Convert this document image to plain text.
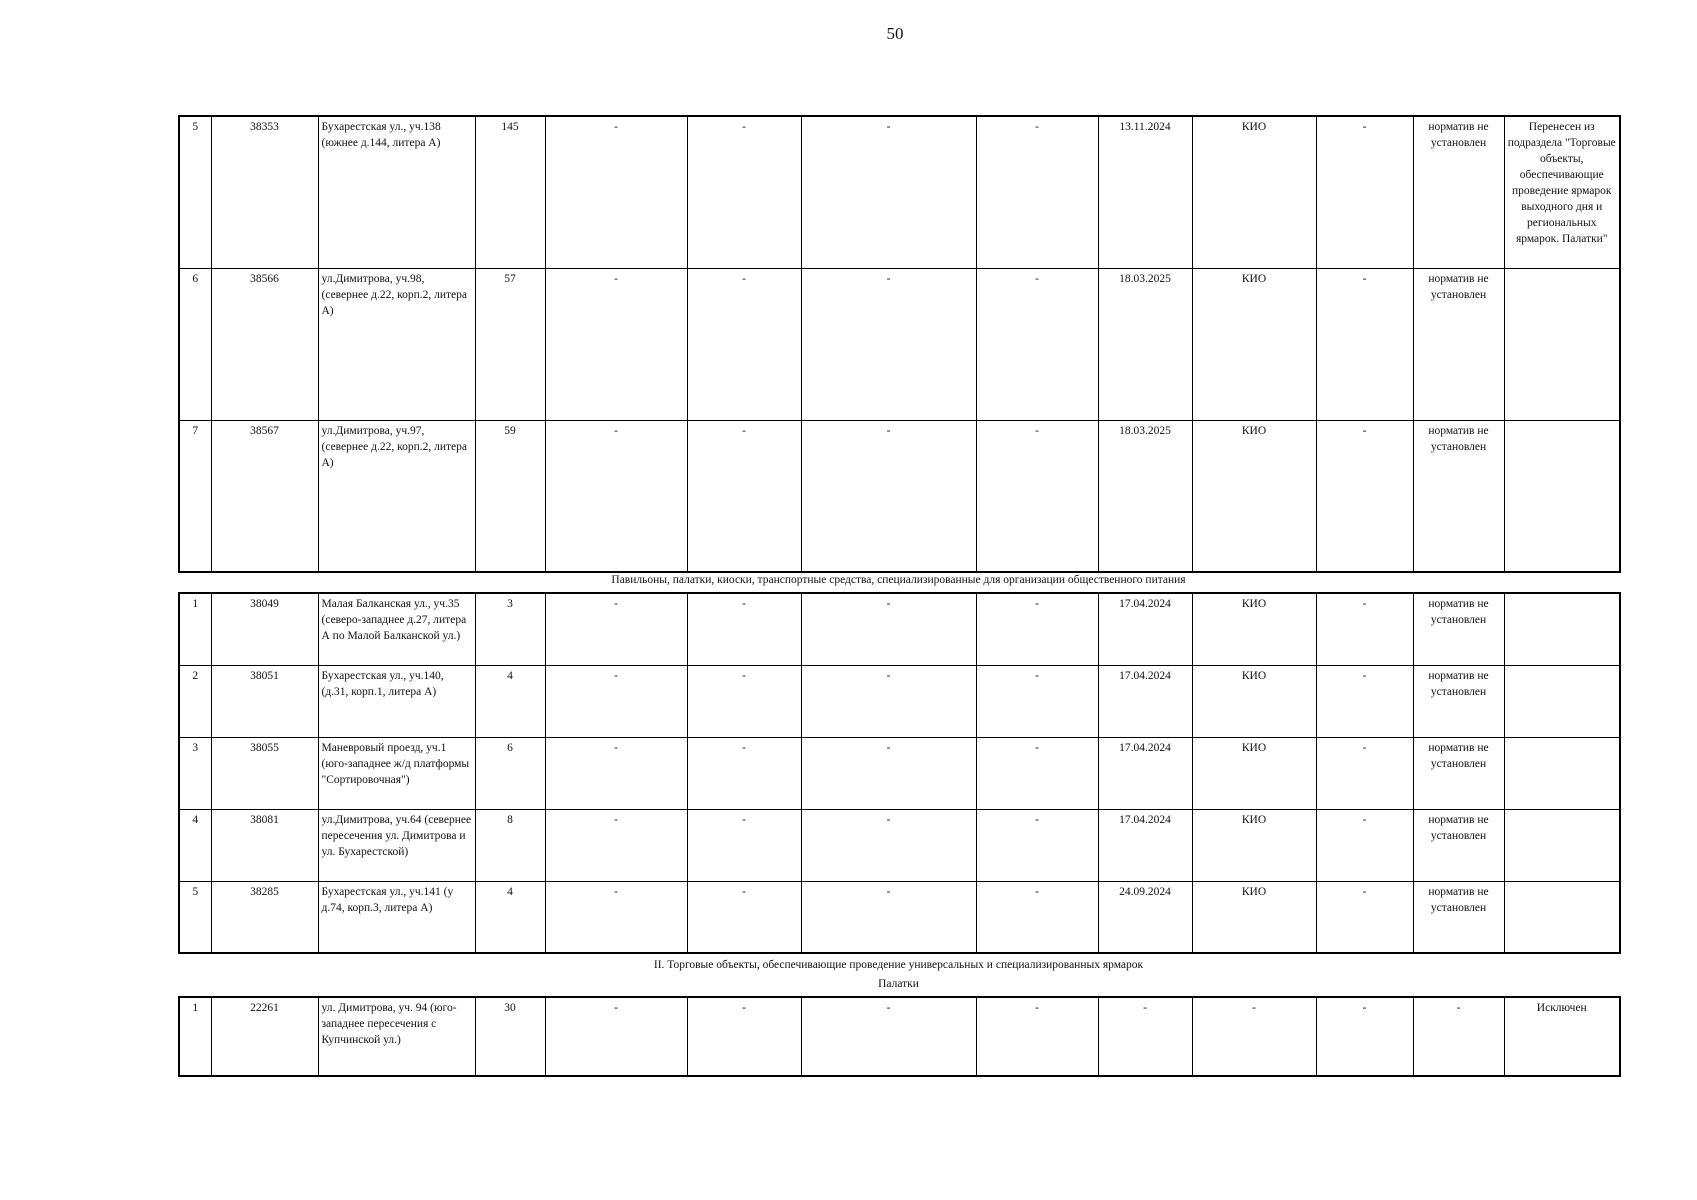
50
5	38353	Бухарестская ул., уч.138 (южнее д.144, литера А)	145	-	-	-	-	13.11.2024	КИО	-	норматив не установлен	Перенесен из подраздела "Торговые объекты, обеспечивающие проведение ярмарок выходного дня и региональных ярмарок. Палатки"
6	38566	ул.Димитрова, уч.98, (севернее д.22, корп.2, литера А)	57	-	-	-	-	18.03.2025	КИО	-	норматив не установлен	
7	38567	ул.Димитрова, уч.97, (севернее д.22, корп.2, литера А)	59	-	-	-	-	18.03.2025	КИО	-	норматив не установлен	
Павильоны, палатки, киоски, транспортные средства, специализированные для организации общественного питания
1	38049	Малая Балканская ул., уч.35 (северо-западнее д.27, литера А по Малой Балканской ул.)	3	-	-	-	-	17.04.2024	КИО	-	норматив не установлен	
2	38051	Бухарестская ул., уч.140, (д.31, корп.1, литера А)	4	-	-	-	-	17.04.2024	КИО	-	норматив не установлен	
3	38055	Маневровый проезд, уч.1 (юго-западнее ж/д платформы "Сортировочная")	6	-	-	-	-	17.04.2024	КИО	-	норматив не установлен	
4	38081	ул.Димитрова, уч.64 (севернее пересечения ул. Димитрова и ул. Бухарестской)	8	-	-	-	-	17.04.2024	КИО	-	норматив не установлен	
5	38285	Бухарестская ул., уч.141 (у д.74, корп.3, литера А)	4	-	-	-	-	24.09.2024	КИО	-	норматив не установлен	
II. Торговые объекты, обеспечивающие проведение универсальных и специализированных ярмарок
Палатки
1	22261	ул. Димитрова, уч. 94 (юго-западнее пересечения с Купчинской ул.)	30	-	-	-	-	-	-	-	-	Исключен
